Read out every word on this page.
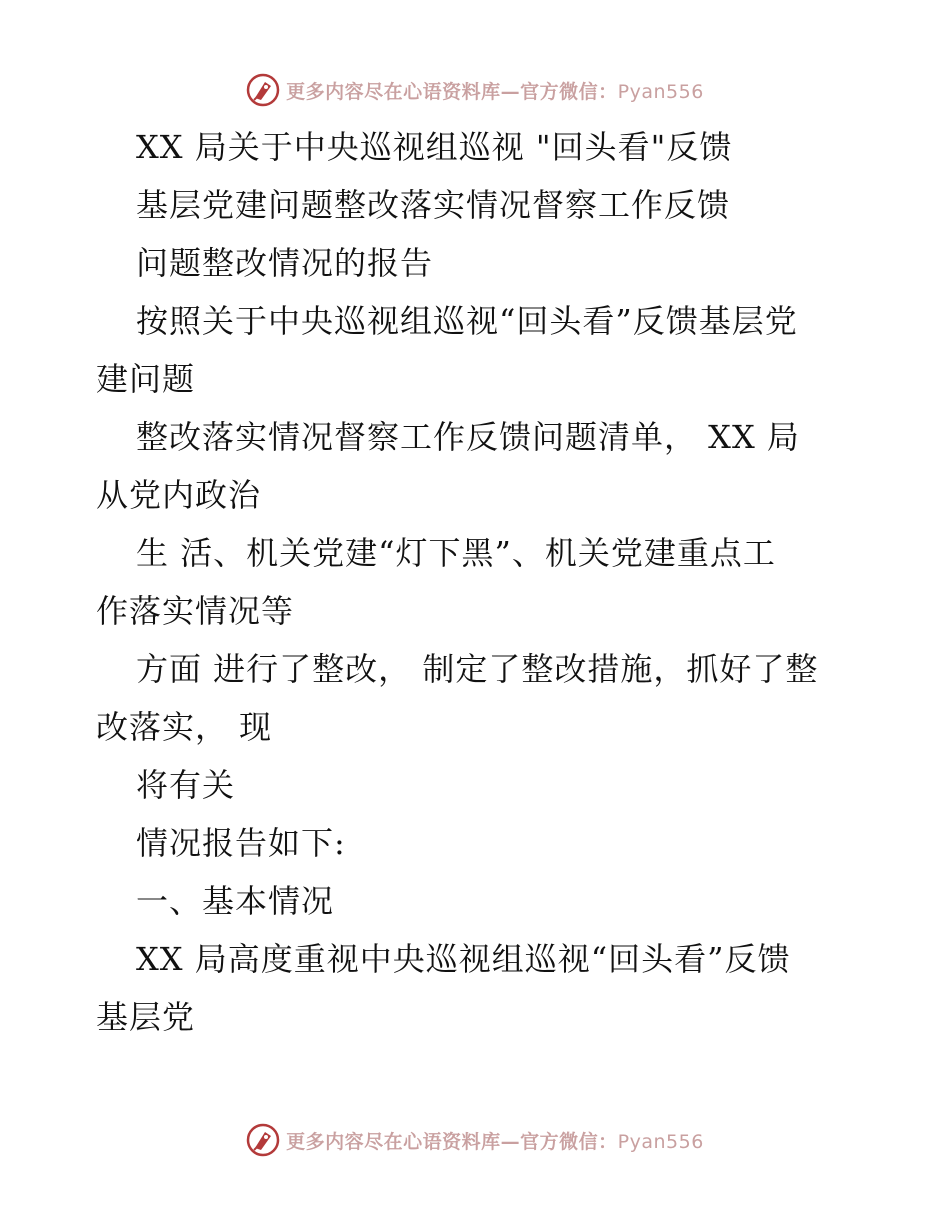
更多内容尽在心语资料库—官方微信：Pyan556
XX 局关于中央巡视组巡视 "回头看"反馈
基层党建问题整改落实情况督察工作反馈
问题整改情况的报告
按照关于中央巡视组巡视“回头看”反馈基层党
建问题
整改落实情况督察工作反馈问题清单， XX 局
从党内政治
生 活、机关党建“灯下黑”、机关党建重点工
作落实情况等
方面 进行了整改， 制定了整改措施，抓好了整
改落实， 现
将有关
情况报告如下:
一、基本情况
XX 局高度重视中央巡视组巡视“回头看”反馈
基层党
更多内容尽在心语资料库—官方微信：Pyan556
